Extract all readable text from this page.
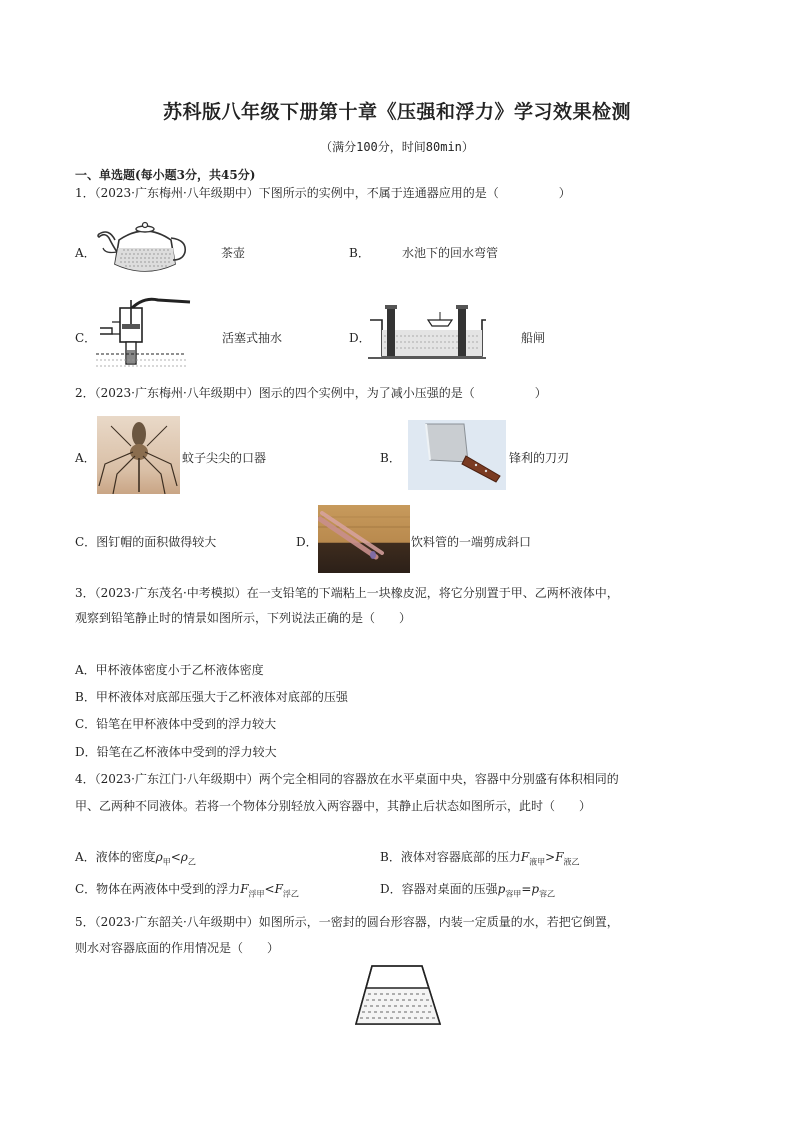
苏科版八年级下册第十章《压强和浮力》学习效果检测
（满分100分，时间80min）
一、单选题(每小题3分，共45分)
1．（2023·广东梅州·八年级期中）下图所示的实例中，不属于连通器应用的是（　　　　　）
A．	茶壶	B．	水池下的回水弯管
C．	活塞式抽水	D．	船闸
2．（2023·广东梅州·八年级期中）图示的四个实例中，为了减小压强的是（　　　　　）
A．	蚊子尖尖的口器	B．	锋利的刀刃
C．图钉帽的面积做得较大	D．	饮料管的一端剪成斜口
3．（2023·广东茂名·中考模拟）在一支铅笔的下端粘上一块橡皮泥，将它分别置于甲、乙两杯液体中，
观察到铅笔静止时的情景如图所示，下列说法正确的是（　　）
A．甲杯液体密度小于乙杯液体密度
B．甲杯液体对底部压强大于乙杯液体对底部的压强
C．铅笔在甲杯液体中受到的浮力较大
D．铅笔在乙杯液体中受到的浮力较大
4．（2023·广东江门·八年级期中）两个完全相同的容器放在水平桌面中央，容器中分别盛有体积相同的
甲、乙两种不同液体。若将一个物体分别轻放入两容器中，其静止后状态如图所示，此时（　　）
A．液体的密度$\rho_甲<\rho_乙$	B．液体对容器底部的压力$F_{液甲}>F_{液乙}$
C．物体在两液体中受到的浮力$F_{浮甲}<F_{浮乙}$	D．容器对桌面的压强$p_{容甲}=p_{容乙}$
5．（2023·广东韶关·八年级期中）如图所示，一密封的圆台形容器，内装一定质量的水，若把它倒置，
则水对容器底面的作用情况是（　　）
